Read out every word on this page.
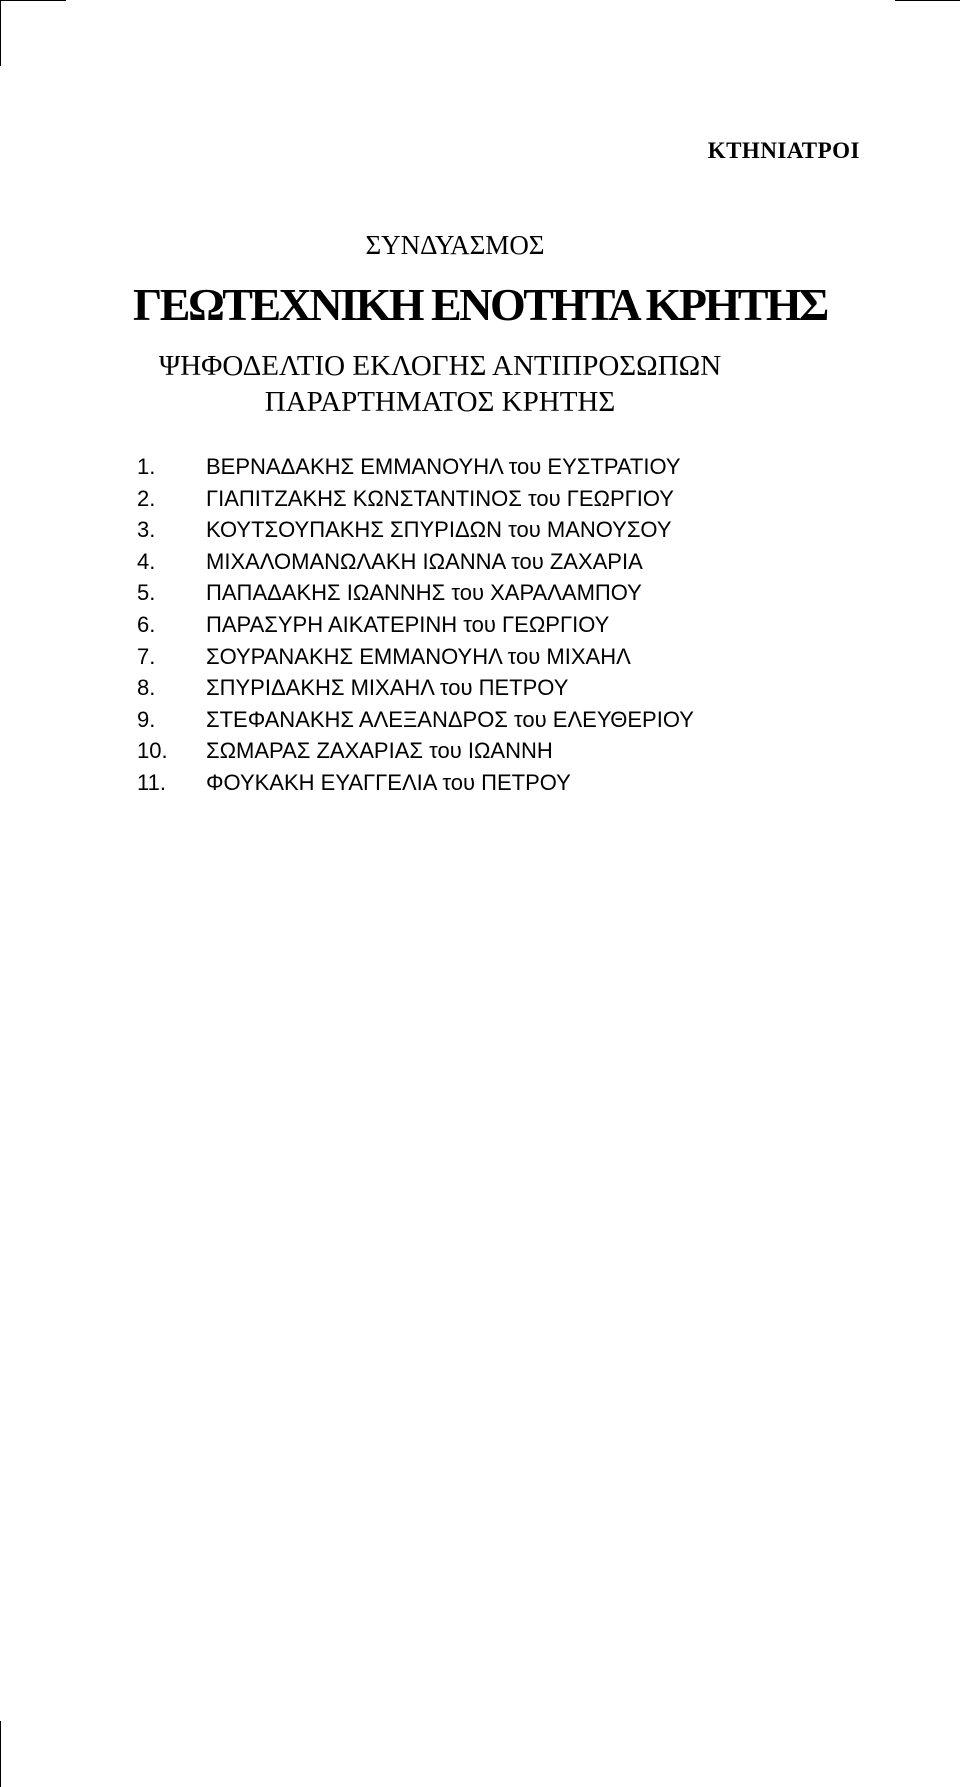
ΚΤΗΝΙΑΤΡΟΙ
ΣΥΝΔΥΑΣΜΟΣ
ΓΕΩΤΕΧΝΙΚΗ ΕΝΟΤΗΤΑ ΚΡΗΤΗΣ
ΨΗΦΟΔΕΛΤΙΟ ΕΚΛΟΓΗΣ ΑΝΤΙΠΡΟΣΩΠΩΝ
ΠΑΡΑΡΤΗΜΑΤΟΣ ΚΡΗΤΗΣ
1.	ΒΕΡΝΑΔΑΚΗΣ ΕΜΜΑΝΟΥΗΛ του ΕΥΣΤΡΑΤΙΟΥ
2.	ΓΙΑΠΙΤΖΑΚΗΣ ΚΩΝΣΤΑΝΤΙΝΟΣ του ΓΕΩΡΓΙΟΥ
3.	ΚΟΥΤΣΟΥΠΑΚΗΣ ΣΠΥΡΙΔΩΝ του ΜΑΝΟΥΣΟΥ
4.	ΜΙΧΑΛΟΜΑΝΩΛΑΚΗ ΙΩΑΝΝΑ του ΖΑΧΑΡΙΑ
5.	ΠΑΠΑΔΑΚΗΣ ΙΩΑΝΝΗΣ του ΧΑΡΑΛΑΜΠΟΥ
6.	ΠΑΡΑΣΥΡΗ ΑΙΚΑΤΕΡΙΝΗ του ΓΕΩΡΓΙΟΥ
7.	ΣΟΥΡΑΝΑΚΗΣ ΕΜΜΑΝΟΥΗΛ του ΜΙΧΑΗΛ
8.	ΣΠΥΡΙΔΑΚΗΣ ΜΙΧΑΗΛ του ΠΕΤΡΟΥ
9.	ΣΤΕΦΑΝΑΚΗΣ ΑΛΕΞΑΝΔΡΟΣ του ΕΛΕΥΘΕΡΙΟΥ
10.	ΣΩΜΑΡΑΣ ΖΑΧΑΡΙΑΣ του ΙΩΑΝΝΗ
11.	ΦΟΥΚΑΚΗ ΕΥΑΓΓΕΛΙΑ του ΠΕΤΡΟΥ
